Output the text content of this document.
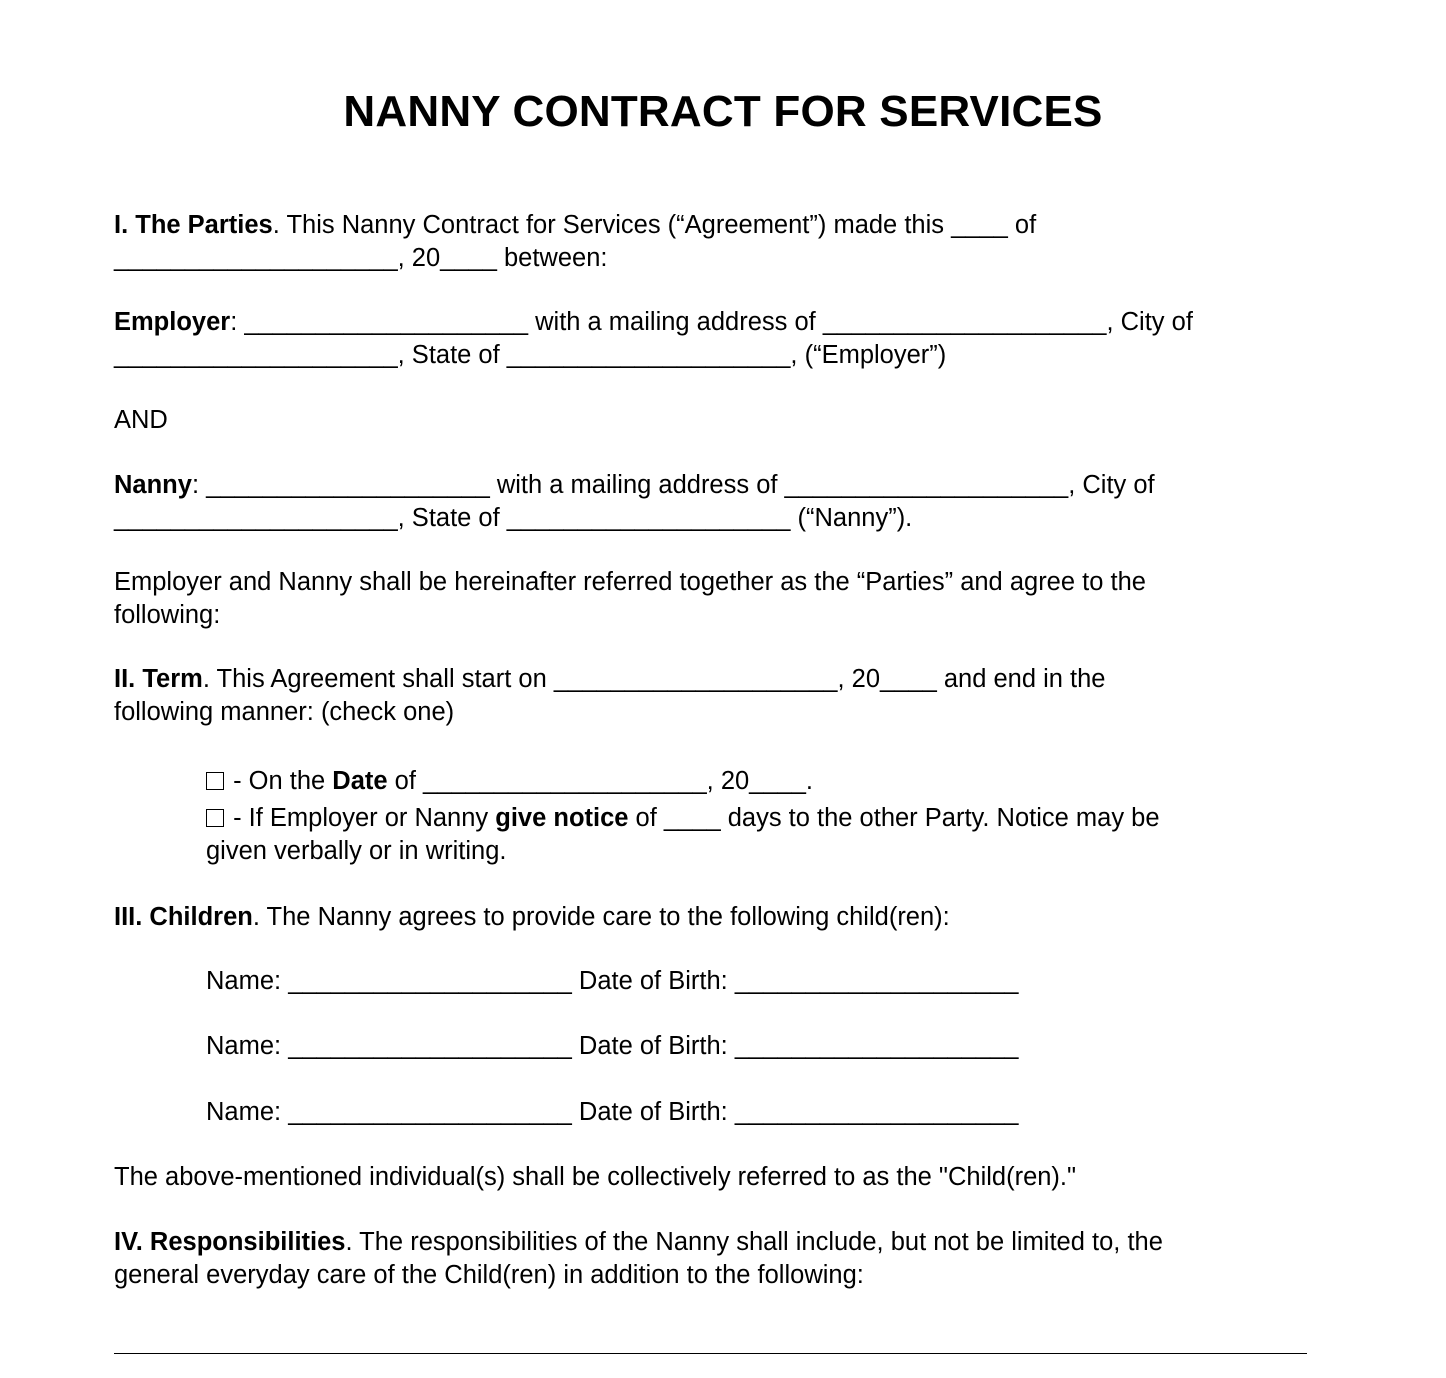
NANNY CONTRACT FOR SERVICES
I. The Parties. This Nanny Contract for Services (“Agreement”) made this ____ of
____________________, 20____ between:
Employer: ____________________ with a mailing address of ____________________, City of
____________________, State of ____________________, (“Employer”)
AND
Nanny: ____________________ with a mailing address of ____________________, City of
____________________, State of ____________________ (“Nanny”).
Employer and Nanny shall be hereinafter referred together as the “Parties” and agree to the
following:
II. Term. This Agreement shall start on ____________________, 20____ and end in the
following manner: (check one)
- On the Date of ____________________, 20____.
- If Employer or Nanny give notice of ____ days to the other Party. Notice may be
given verbally or in writing.
III. Children. The Nanny agrees to provide care to the following child(ren):
Name: ____________________ Date of Birth: ____________________
Name: ____________________ Date of Birth: ____________________
Name: ____________________ Date of Birth: ____________________
The above-mentioned individual(s) shall be collectively referred to as the "Child(ren)."
IV. Responsibilities. The responsibilities of the Nanny shall include, but not be limited to, the
general everyday care of the Child(ren) in addition to the following:
